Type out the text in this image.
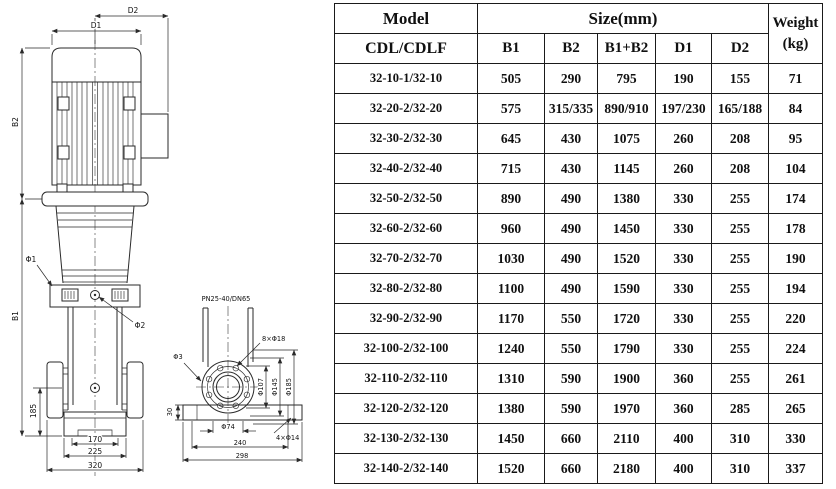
D2
D1
B2
B1
185
170
225
320
Φ1
Φ2
PN25-40/DN65
8×Φ18
Φ3
30
Φ74
4×Φ14
240
298
Φ107 Φ145 Φ185
Model	Size(mm)					Weight
(kg)

CDL/CDLF	B1	B2	B1+B2	D1	D2	
32-10-1/32-10	505	290	795	190	155	71
32-20-2/32-20	575	315/335	890/910	197/230	165/188	84
32-30-2/32-30	645	430	1075	260	208	95
32-40-2/32-40	715	430	1145	260	208	104
32-50-2/32-50	890	490	1380	330	255	174
32-60-2/32-60	960	490	1450	330	255	178
32-70-2/32-70	1030	490	1520	330	255	190
32-80-2/32-80	1100	490	1590	330	255	194
32-90-2/32-90	1170	550	1720	330	255	220
32-100-2/32-100	1240	550	1790	330	255	224
32-110-2/32-110	1310	590	1900	360	255	261
32-120-2/32-120	1380	590	1970	360	285	265
32-130-2/32-130	1450	660	2110	400	310	330
32-140-2/32-140	1520	660	2180	400	310	337
